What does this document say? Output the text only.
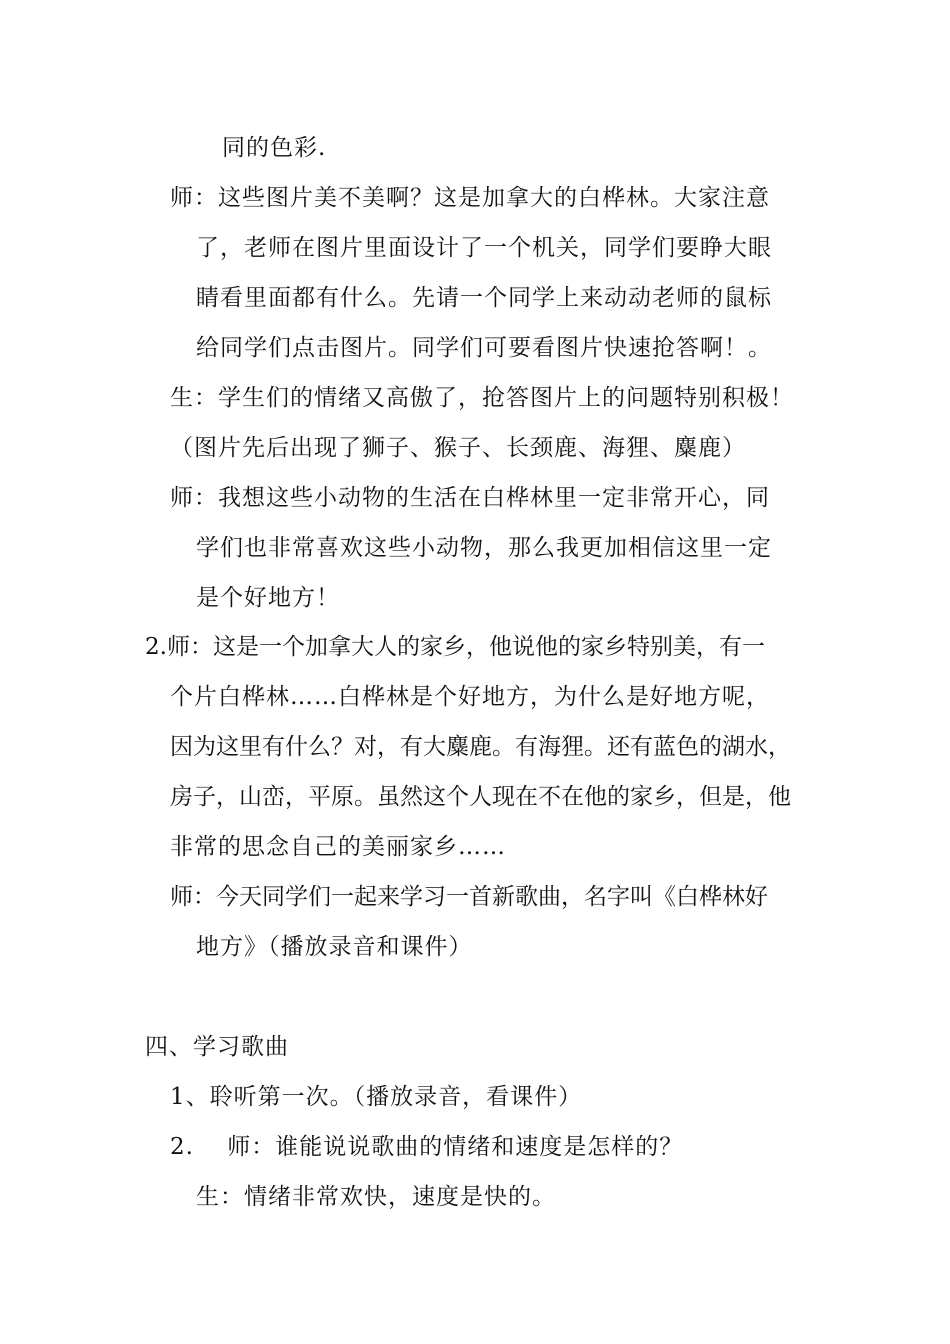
同的色彩.
师：这些图片美不美啊？这是加拿大的白桦林。大家注意
了，老师在图片里面设计了一个机关，同学们要睁大眼
睛看里面都有什么。先请一个同学上来动动老师的鼠标
给同学们点击图片。同学们可要看图片快速抢答啊！。
生：学生们的情绪又高傲了，抢答图片上的问题特别积极！
（图片先后出现了狮子、猴子、长颈鹿、海狸、麋鹿）
师：我想这些小动物的生活在白桦林里一定非常开心，同
学们也非常喜欢这些小动物，那么我更加相信这里一定
是个好地方！
2.师：这是一个加拿大人的家乡，他说他的家乡特别美，有一
个片白桦林……白桦林是个好地方，为什么是好地方呢，
因为这里有什么？对，有大麋鹿。有海狸。还有蓝色的湖水，
房子，山峦，平原。虽然这个人现在不在他的家乡，但是，他
非常的思念自己的美丽家乡……
师：今天同学们一起来学习一首新歌曲，名字叫《白桦林好
地方》（播放录音和课件）
四、学习歌曲
1、聆听第一次。（播放录音，看课件）
2.    师：谁能说说歌曲的情绪和速度是怎样的？
生：情绪非常欢快，速度是快的。
